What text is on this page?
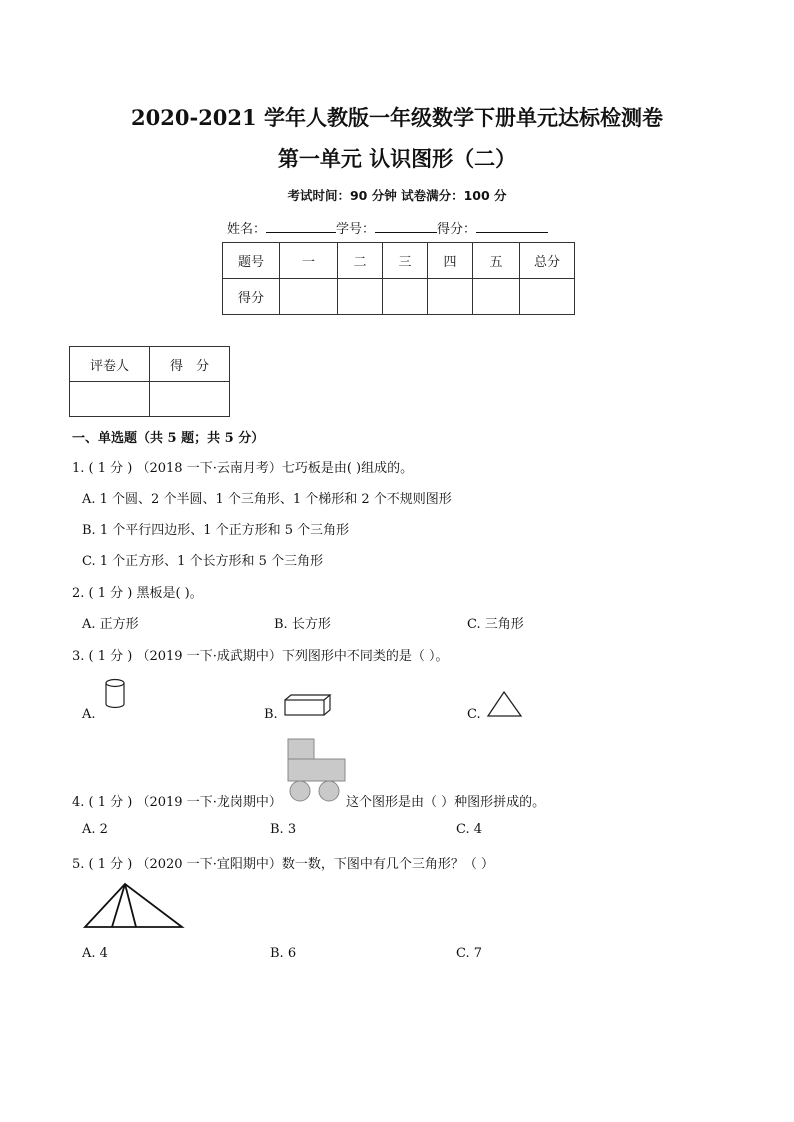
2020-2021 学年人教版一年级数学下册单元达标检测卷
第一单元 认识图形（二）
考试时间：90 分钟 试卷满分：100 分
姓名：	学号：	得分：
题号	一	二	三	四	五	总分
得分						
评卷人	得　分

一、单选题（共 5 题；共 5 分）
1. ( 1 分 ) （2018 一下·云南月考）七巧板是由( )组成的。
A. 1 个圆、2 个半圆、1 个三角形、1 个梯形和 2 个不规则图形
B. 1 个平行四边形、1 个正方形和 5 个三角形
C. 1 个正方形、1 个长方形和 5 个三角形
2. ( 1 分 ) 黑板是( )。
A. 正方形	B. 长方形	C. 三角形
3. ( 1 分 ) （2019 一下·成武期中）下列图形中不同类的是（ ）。
A.	B.	C.
4. ( 1 分 ) （2019 一下·龙岗期中）	这个图形是由（ ）种图形拼成的。
A. 2	B. 3	C. 4
5. ( 1 分 ) （2020 一下·宜阳期中）数一数，下图中有几个三角形？（ ）
A. 4	B. 6	C. 7
